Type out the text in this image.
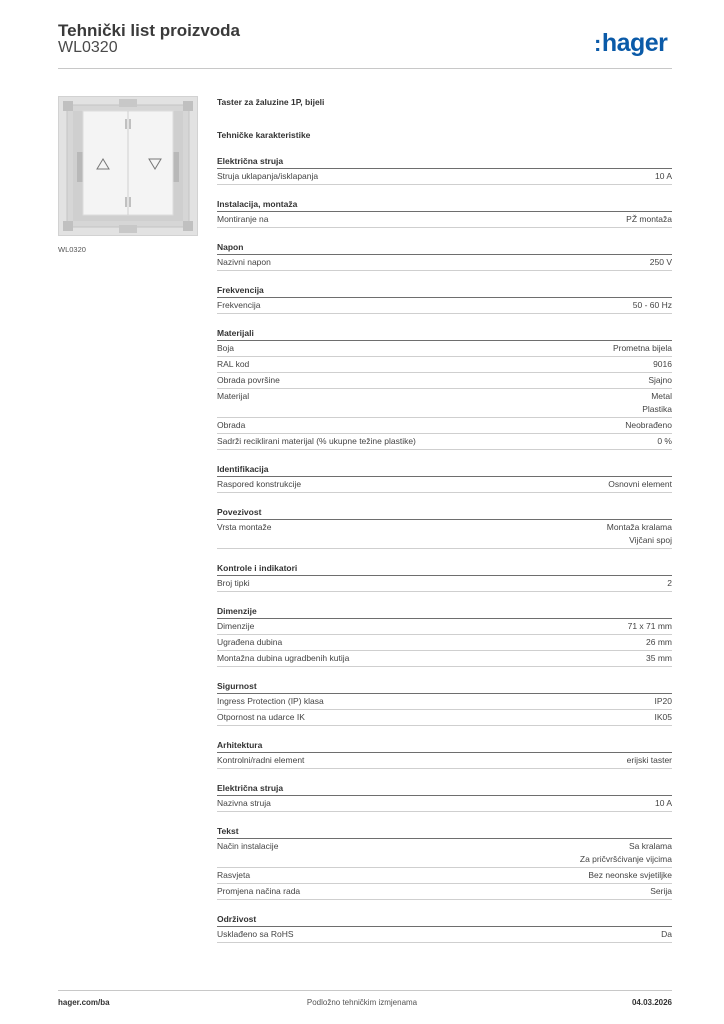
Tehnički list proizvoda
WL0320	:hager
WL0320
Taster za žaluzine 1P, bijeli
Tehničke karakteristike
Električna struja
Struja uklapanja/isklapanja	10 A
Instalacija, montaža
Montiranje na	PŽ montaža
Napon
Nazivni napon	250 V
Frekvencija
Frekvencija	50 - 60 Hz
Materijali
Boja	Prometna bijela
RAL kod	9016
Obrada površine	Sjajno
Materijal	Metal
Plastika
Obrada	Neobrađeno
Sadrži reciklirani materijal (% ukupne težine plastike)	0 %
Identifikacija
Raspored konstrukcije	Osnovni element
Povezivost
Vrsta montaže	Montaža kralama
Vijčani spoj
Kontrole i indikatori
Broj tipki	2
Dimenzije
Dimenzije	71 x 71 mm
Ugrađena dubina	26 mm
Montažna dubina ugradbenih kutija	35 mm
Sigurnost
Ingress Protection (IP) klasa	IP20
Otpornost na udarce IK	IK05
Arhitektura
Kontrolni/radni element	erijski taster
Električna struja
Nazivna struja	10 A
Tekst
Način instalacije	Sa kralama
Za pričvršćivanje vijcima
Rasvjeta	Bez neonske svjetiljke
Promjena načina rada	Serija
Održivost
Usklađeno sa RoHS	Da
hager.com/ba	Podložno tehničkim izmjenama	04.03.2026
